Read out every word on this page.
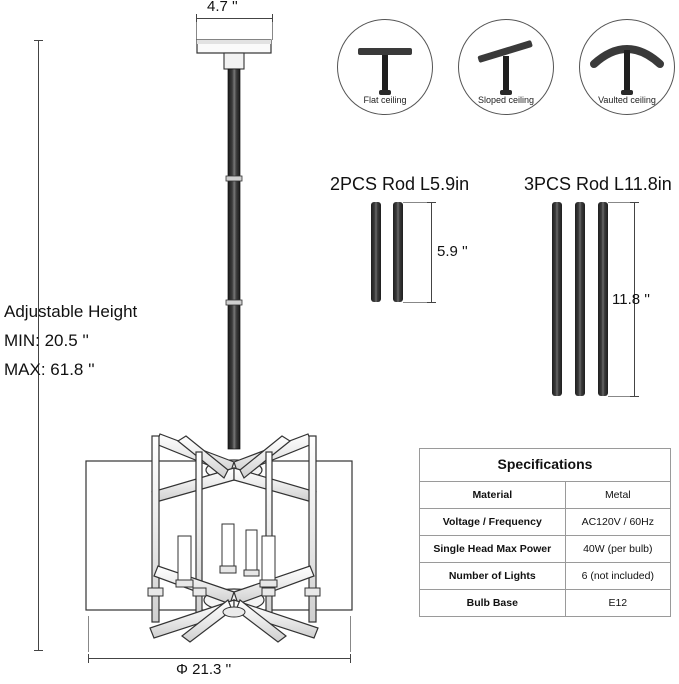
4.7 ''
Adjustable Height
MIN: 20.5 ''
MAX: 61.8 ''
Φ 21.3 ''
Flat ceiling	Sloped ceiling	Vaulted ceiling
2PCS Rod L5.9in
5.9 ''
3PCS Rod L11.8in
11.8 ''
Specifications
Material	Metal
Voltage / Frequency	AC120V / 60Hz
Single Head Max Power	40W (per bulb)
Number of Lights	6 (not included)
Bulb Base	E12
